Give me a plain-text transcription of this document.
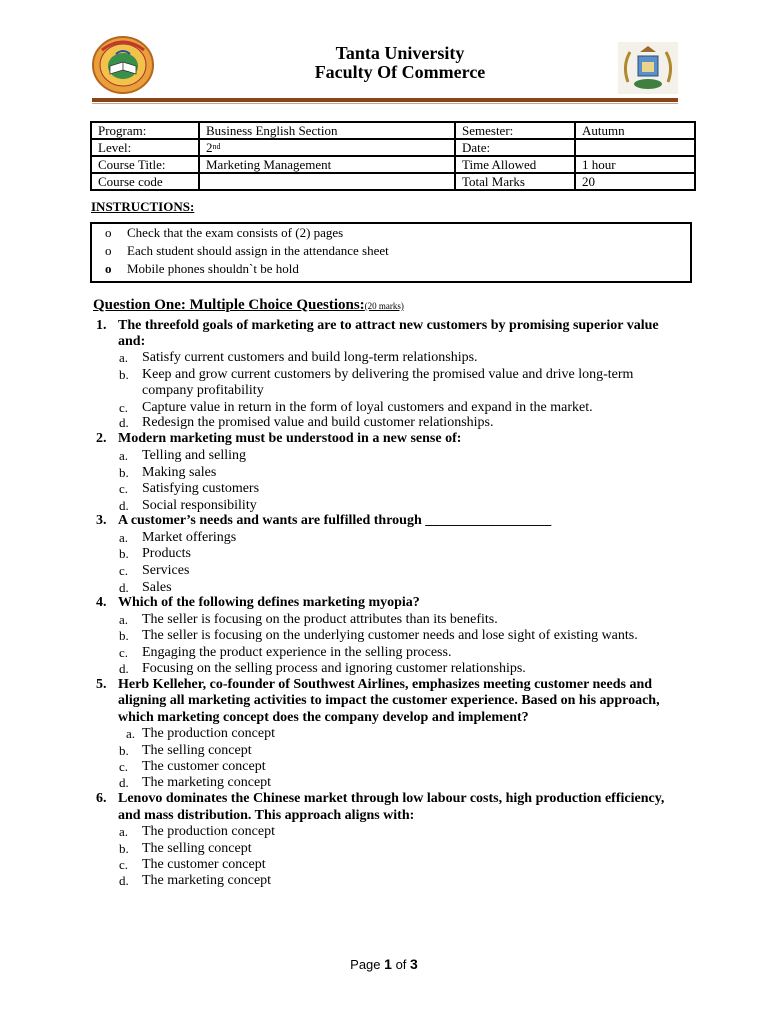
Tanta University
Faculty Of Commerce
Program:	Business English Section	Semester:	Autumn
Level:	2nd	Date:	
Course Title:	Marketing Management	Time Allowed	1 hour
Course code		Total Marks	20
INSTRUCTIONS:
o Check that the exam consists of (2) pages
o Each student should assign in the attendance sheet
o Mobile phones shouldn`t be hold
Question One: Multiple Choice Questions:(20 marks)
1. The threefold goals of marketing are to attract new customers by promising superior value
and:
a. Satisfy current customers and build long-term relationships.
b. Keep and grow current customers by delivering the promised value and drive long-term
company profitability
c. Capture value in return in the form of loyal customers and expand in the market.
d. Redesign the promised value and build customer relationships.
2. Modern marketing must be understood in a new sense of:
a. Telling and selling
b. Making sales
c. Satisfying customers
d. Social responsibility
3. A customer’s needs and wants are fulfilled through __________________
a. Market offerings
b. Products
c. Services
d. Sales
4. Which of the following defines marketing myopia?
a. The seller is focusing on the product attributes than its benefits.
b. The seller is focusing on the underlying customer needs and lose sight of existing wants.
c. Engaging the product experience in the selling process.
d. Focusing on the selling process and ignoring customer relationships.
5. Herb Kelleher, co-founder of Southwest Airlines, emphasizes meeting customer needs and
aligning all marketing activities to impact the customer experience. Based on his approach,
which marketing concept does the company develop and implement?
a. The production concept
b. The selling concept
c. The customer concept
d. The marketing concept
6. Lenovo dominates the Chinese market through low labour costs, high production efficiency,
and mass distribution. This approach aligns with:
a. The production concept
b. The selling concept
c. The customer concept
d. The marketing concept
Page 1 of 3
